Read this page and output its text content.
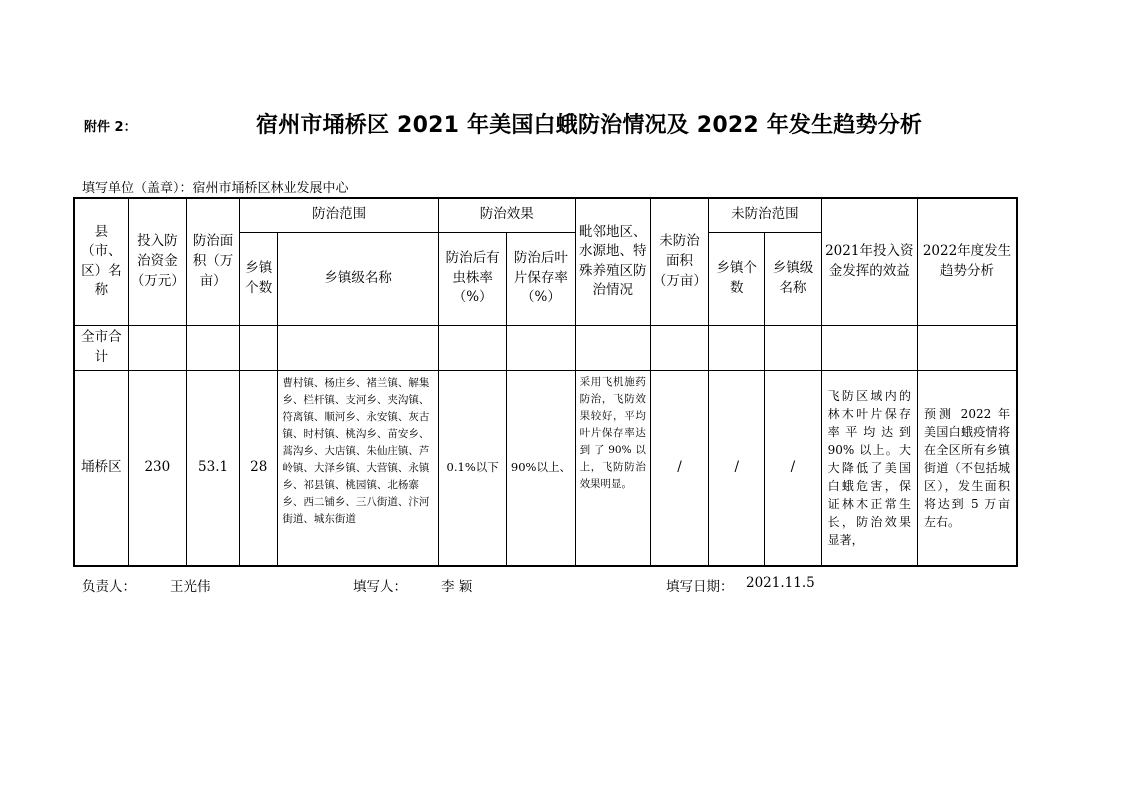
附件 2：	宿州市埇桥区 2021 年美国白蛾防治情况及 2022 年发生趋势分析
填写单位（盖章）：宿州市埇桥区林业发展中心
县（市、区）名称	投入防治资金（万元）	防治面积（万亩）	防治范围		防治效果		毗邻地区、水源地、特殊养殖区防治情况	未防治面积（万亩）	未防治范围		2021年投入资金发挥的效益	2022年度发生趋势分析
			乡镇个数	乡镇级名称	防治后有虫株率（%）	防治后叶片保存率（%）			乡镇个数	乡镇级名称		
全市合计												
埇桥区	230	53.1	28	曹村镇、杨庄乡、褚兰镇、解集乡、栏杆镇、支河乡、夹沟镇、符离镇、顺河乡、永安镇、灰古镇、时村镇、桃沟乡、苗安乡、蒿沟乡、大店镇、朱仙庄镇、芦岭镇、大泽乡镇、大营镇、永镇乡、祁县镇、桃园镇、北杨寨乡、西二铺乡、三八街道、汴河街道、城东街道	0.1%以下	90%以上、	采用飞机施药防治，飞防效果较好，平均叶片保存率达到了90%以上，飞防防治效果明显。	/	/	/	飞防区域内的林木叶片保存率平均达到 90% 以上。大大降低了美国白蛾危害，保证林木正常生长，防治效果显著，	预测 2022 年美国白蛾疫情将在全区所有乡镇街道（不包括城区），发生面积将达到 5 万亩左右。
负责人：	王光伟	填写人：	李 颖	填写日期： 2021.11.5
